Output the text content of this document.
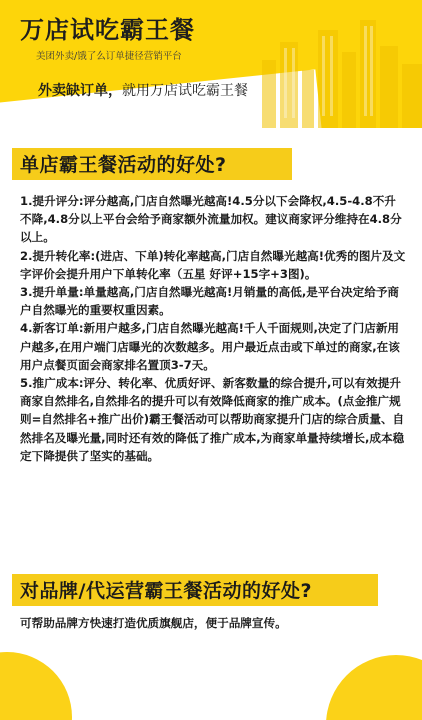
万店试吃霸王餐
美团外卖/饿了么订单捷径营销平台
外卖缺订单，就用万店试吃霸王餐
单店霸王餐活动的好处?

1.提升评分:评分越高,门店自然曝光越高!4.5分以下会降权,4.5-4.8不升不降,4.8分以上平台会给予商家额外流量加权。建议商家评分维持在4.8分以上。

2.提升转化率:(进店、下单)转化率越高,门店自然曝光越高!优秀的图片及文字评价会提升用户下单转化率（五星 好评+15字+3图)。

3.提升单量:单量越高,门店自然曝光越高!月销量的高低,是平台决定给予商户自然曝光的重要权重因素。

4.新客订单:新用户越多,门店自然曝光越高!千人千面规则,决定了门店新用户越多,在用户端门店曝光的次数越多。用户最近点击或下单过的商家,在该用户点餐页面会商家排名置顶3-7天。

5.推广成本:评分、转化率、优质好评、新客数量的综合提升,可以有效提升商家自然排名,自然排名的提升可以有效降低商家的推广成本。(点金推广规则=自然排名+推广出价)霸王餐活动可以帮助商家提升门店的综合质量、自然排名及曝光量,同时还有效的降低了推广成本,为商家单量持续增长,成本稳定下降提供了坚实的基础。

对品牌/代运营霸王餐活动的好处?

可帮助品牌方快速打造优质旗舰店，便于品牌宣传。
